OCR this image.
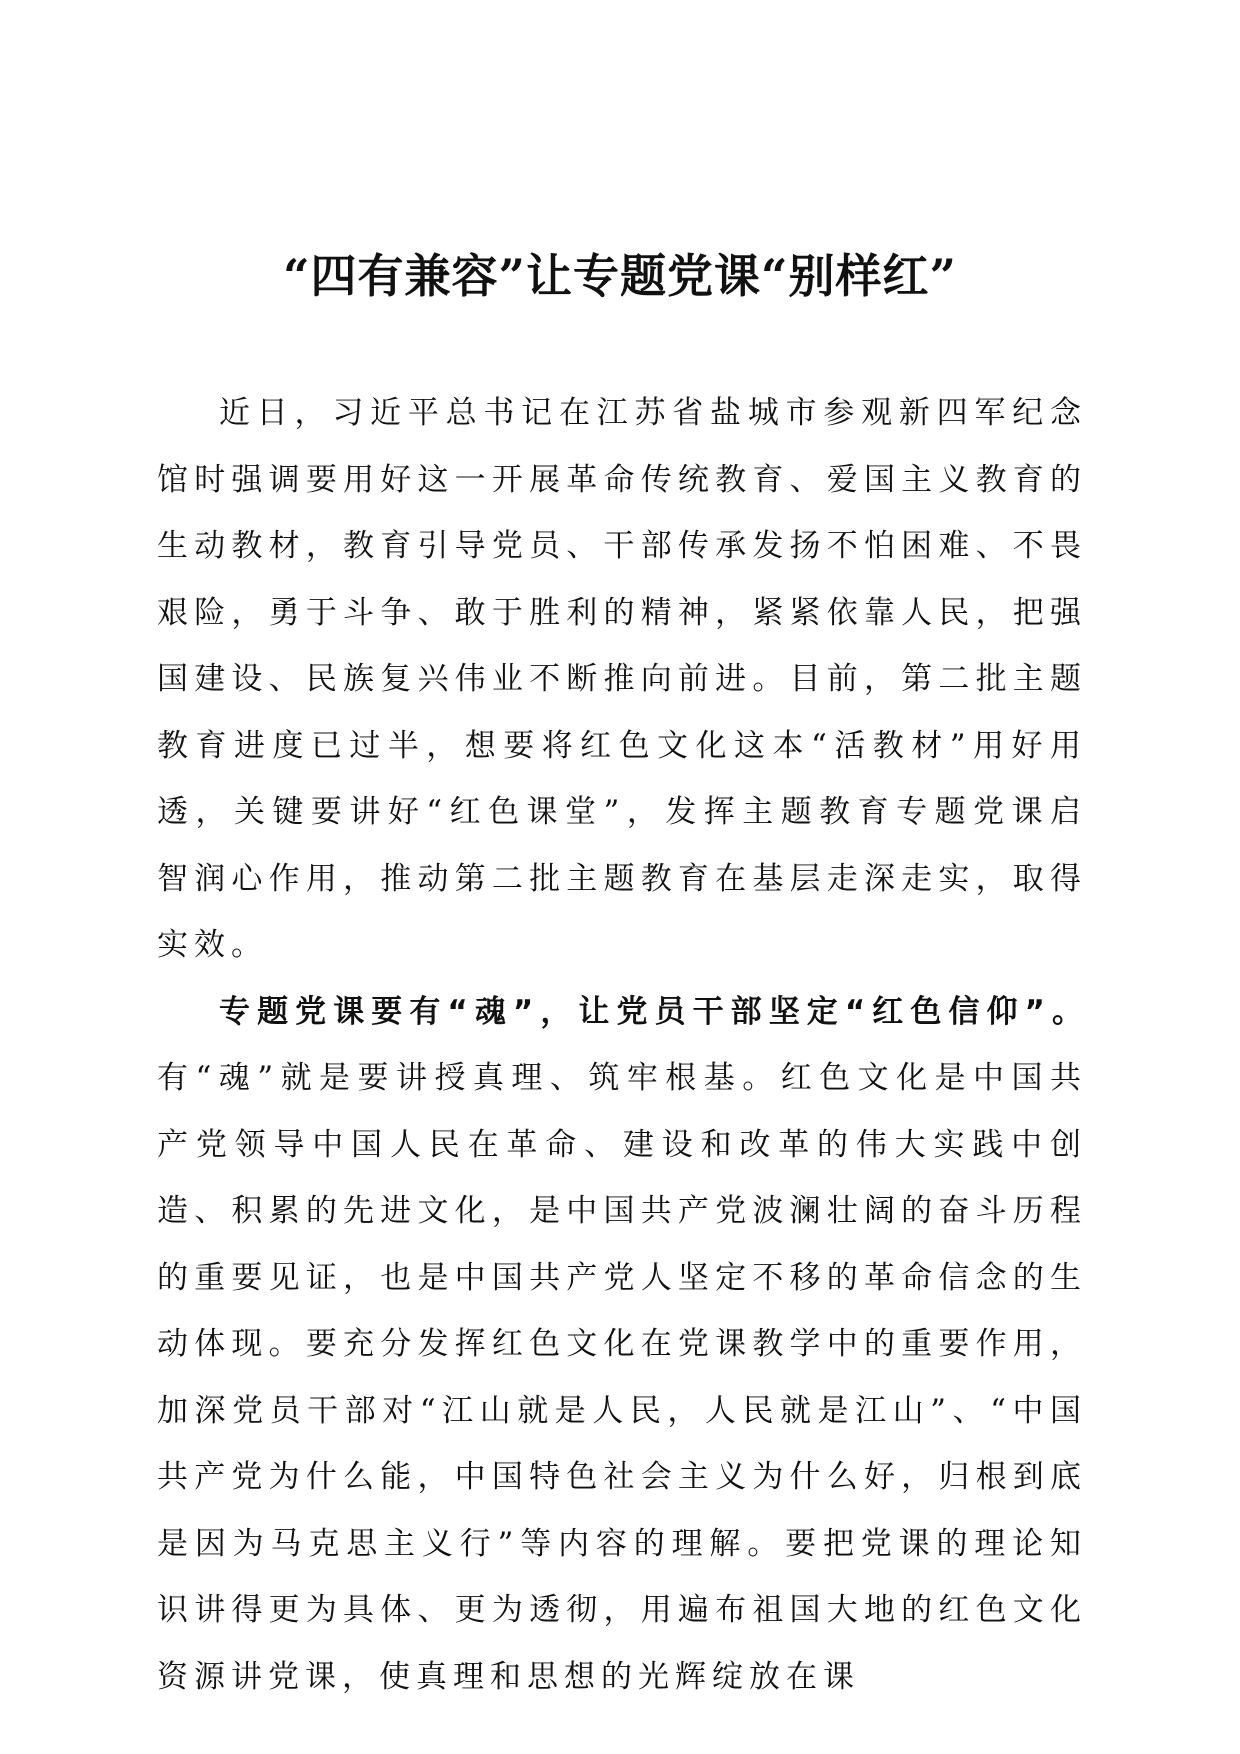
“四有兼容”让专题党课“别样红”

近日，习近平总书记在江苏省盐城市参观新四军纪念馆时强调要用好这一开展革命传统教育、爱国主义教育的生动教材，教育引导党员、干部传承发扬不怕困难、不畏艰险，勇于斗争、敢于胜利的精神，紧紧依靠人民，把强国建设、民族复兴伟业不断推向前进。目前，第二批主题教育进度已过半，想要将红色文化这本“活教材”用好用透，关键要讲好“红色课堂”，发挥主题教育专题党课启智润心作用，推动第二批主题教育在基层走深走实，取得实效。

专题党课要有“魂”，让党员干部坚定“红色信仰”。有“魂”就是要讲授真理、筑牢根基。红色文化是中国共产党领导中国人民在革命、建设和改革的伟大实践中创造、积累的先进文化，是中国共产党波澜壮阔的奋斗历程的重要见证，也是中国共产党人坚定不移的革命信念的生动体现。要充分发挥红色文化在党课教学中的重要作用，加深党员干部对“江山就是人民，人民就是江山”、“中国共产党为什么能，中国特色社会主义为什么好，归根到底是因为马克思主义行”等内容的理解。要把党课的理论知识讲得更为具体、更为透彻，用遍布祖国大地的红色文化资源讲党课，使真理和思想的光辉绽放在课
